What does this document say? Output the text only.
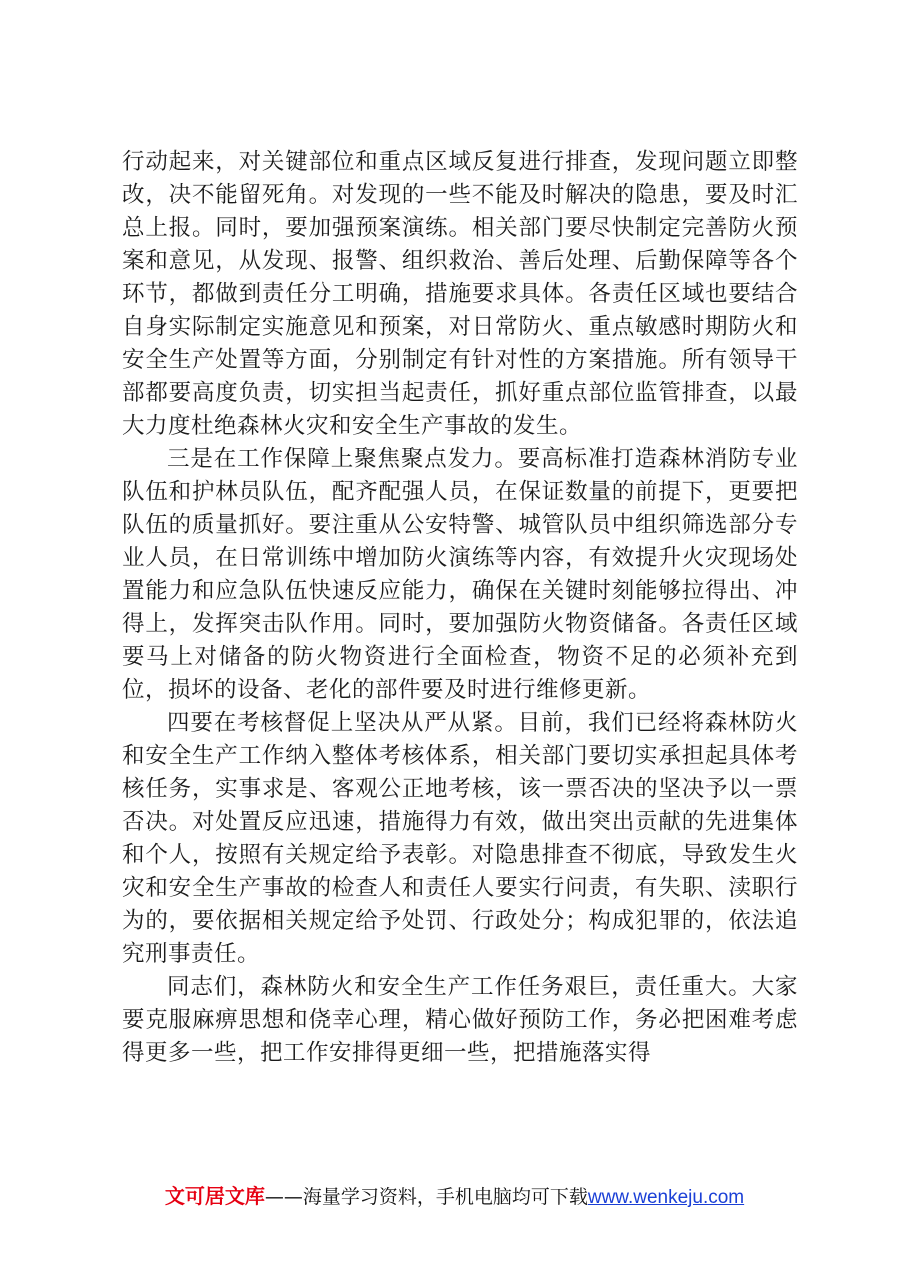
行动起来，对关键部位和重点区域反复进行排查，发现问题立即整改，决不能留死角。对发现的一些不能及时解决的隐患，要及时汇总上报。同时，要加强预案演练。相关部门要尽快制定完善防火预案和意见，从发现、报警、组织救治、善后处理、后勤保障等各个环节，都做到责任分工明确，措施要求具体。各责任区域也要结合自身实际制定实施意见和预案，对日常防火、重点敏感时期防火和安全生产处置等方面，分别制定有针对性的方案措施。所有领导干部都要高度负责，切实担当起责任，抓好重点部位监管排查，以最大力度杜绝森林火灾和安全生产事故的发生。

三是在工作保障上聚焦聚点发力。要高标准打造森林消防专业队伍和护林员队伍，配齐配强人员，在保证数量的前提下，更要把队伍的质量抓好。要注重从公安特警、城管队员中组织筛选部分专业人员，在日常训练中增加防火演练等内容，有效提升火灾现场处置能力和应急队伍快速反应能力，确保在关键时刻能够拉得出、冲得上，发挥突击队作用。同时，要加强防火物资储备。各责任区域要马上对储备的防火物资进行全面检查，物资不足的必须补充到位，损坏的设备、老化的部件要及时进行维修更新。

四要在考核督促上坚决从严从紧。目前，我们已经将森林防火和安全生产工作纳入整体考核体系，相关部门要切实承担起具体考核任务，实事求是、客观公正地考核，该一票否决的坚决予以一票否决。对处置反应迅速，措施得力有效，做出突出贡献的先进集体和个人，按照有关规定给予表彰。对隐患排查不彻底，导致发生火灾和安全生产事故的检查人和责任人要实行问责，有失职、渎职行为的，要依据相关规定给予处罚、行政处分；构成犯罪的，依法追究刑事责任。

同志们，森林防火和安全生产工作任务艰巨，责任重大。大家要克服麻痹思想和侥幸心理，精心做好预防工作，务必把困难考虑得更多一些，把工作安排得更细一些，把措施落实得

文可居文库——海量学习资料，手机电脑均可下载www.wenkeju.com
